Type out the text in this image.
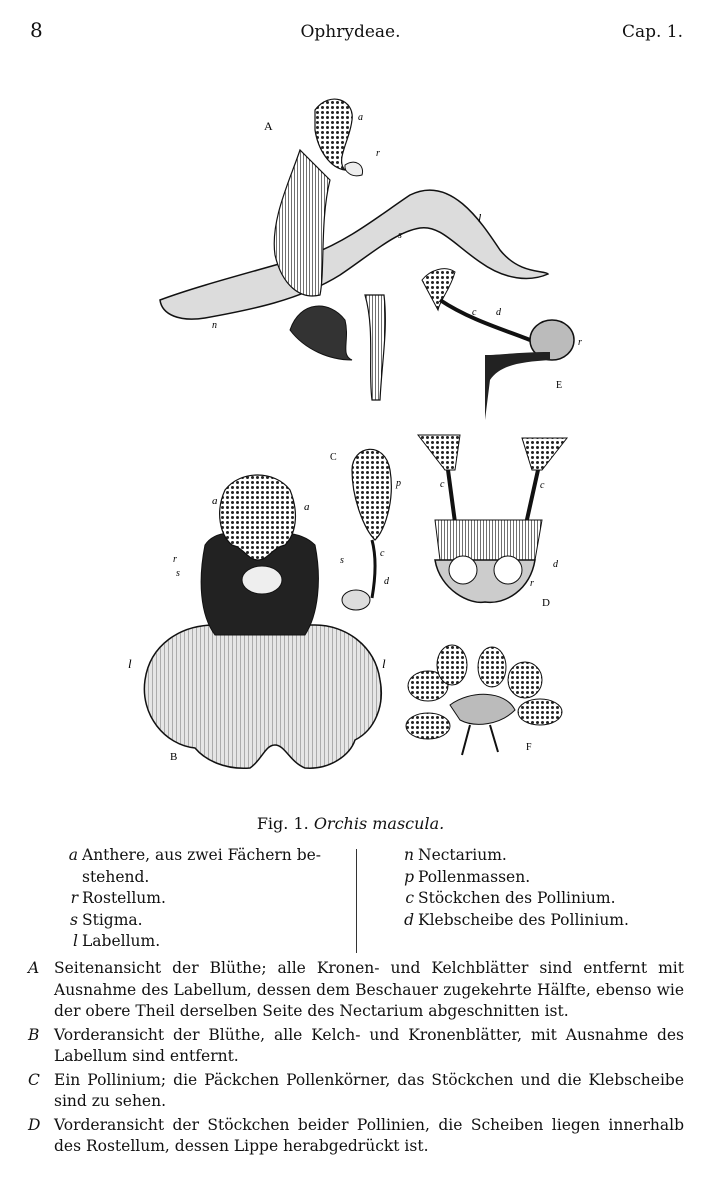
8	Ophrydeae.	Cap. 1.
A
a
r
s
l
n
c d
r
E
a	a
r
s
s
l	l
B
C
p
c
d
c	c
d
r
D
F
Fig. 1. Orchis mascula.
a Anthere, aus zwei Fächern be-stehend.
r Rostellum.
s Stigma.
l Labellum.
n Nectarium.
p Pollenmassen.
c Stöckchen des Pollinium.
d Klebscheibe des Pollinium.
A Seitenansicht der Blüthe; alle Kronen- und Kelchblätter sind entfernt mit Ausnahme des Labellum, dessen dem Beschauer zugekehrte Hälfte, ebenso wie der obere Theil derselben Seite des Nectarium abgeschnitten ist.
B Vorderansicht der Blüthe, alle Kelch- und Kronenblätter, mit Ausnahme des Labellum sind entfernt.
C Ein Pollinium; die Päckchen Pollenkörner, das Stöckchen und die Klebscheibe sind zu sehen.
D Vorderansicht der Stöckchen beider Pollinien, die Scheiben liegen innerhalb des Rostellum, dessen Lippe herabgedrückt ist.
